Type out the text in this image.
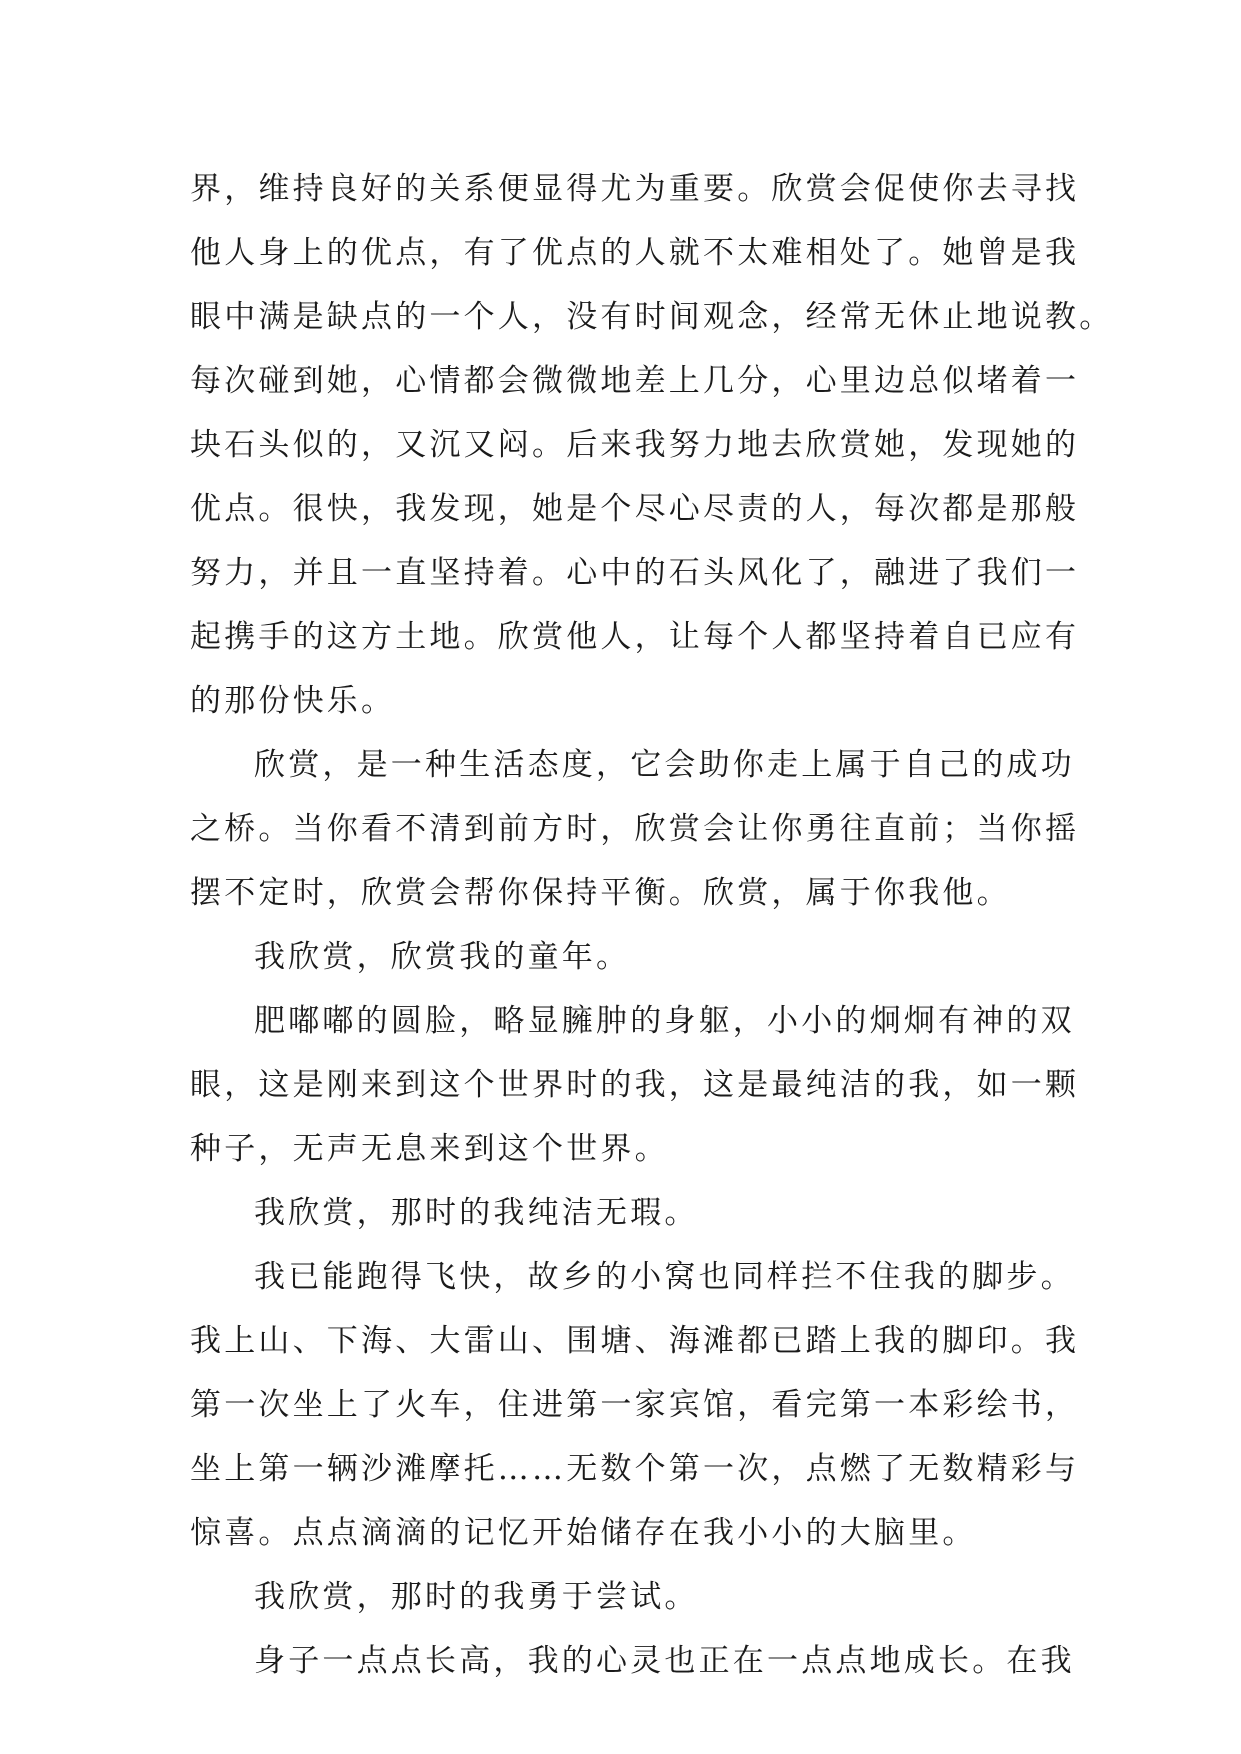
界，维持良好的关系便显得尤为重要。欣赏会促使你去寻找
他人身上的优点，有了优点的人就不太难相处了。她曾是我
眼中满是缺点的一个人，没有时间观念，经常无休止地说教。
每次碰到她，心情都会微微地差上几分，心里边总似堵着一
块石头似的，又沉又闷。后来我努力地去欣赏她，发现她的
优点。很快，我发现，她是个尽心尽责的人，每次都是那般
努力，并且一直坚持着。心中的石头风化了，融进了我们一
起携手的这方土地。欣赏他人，让每个人都坚持着自已应有
的那份快乐。
欣赏，是一种生活态度，它会助你走上属于自己的成功
之桥。当你看不清到前方时，欣赏会让你勇往直前；当你摇
摆不定时，欣赏会帮你保持平衡。欣赏，属于你我他。
我欣赏，欣赏我的童年。
肥嘟嘟的圆脸，略显臃肿的身躯，小小的炯炯有神的双
眼，这是刚来到这个世界时的我，这是最纯洁的我，如一颗
种子，无声无息来到这个世界。
我欣赏，那时的我纯洁无瑕。
我已能跑得飞快，故乡的小窝也同样拦不住我的脚步。
我上山、下海、大雷山、围塘、海滩都已踏上我的脚印。我
第一次坐上了火车，住进第一家宾馆，看完第一本彩绘书，
坐上第一辆沙滩摩托……无数个第一次，点燃了无数精彩与
惊喜。点点滴滴的记忆开始储存在我小小的大脑里。
我欣赏，那时的我勇于尝试。
身子一点点长高，我的心灵也正在一点点地成长。在我
